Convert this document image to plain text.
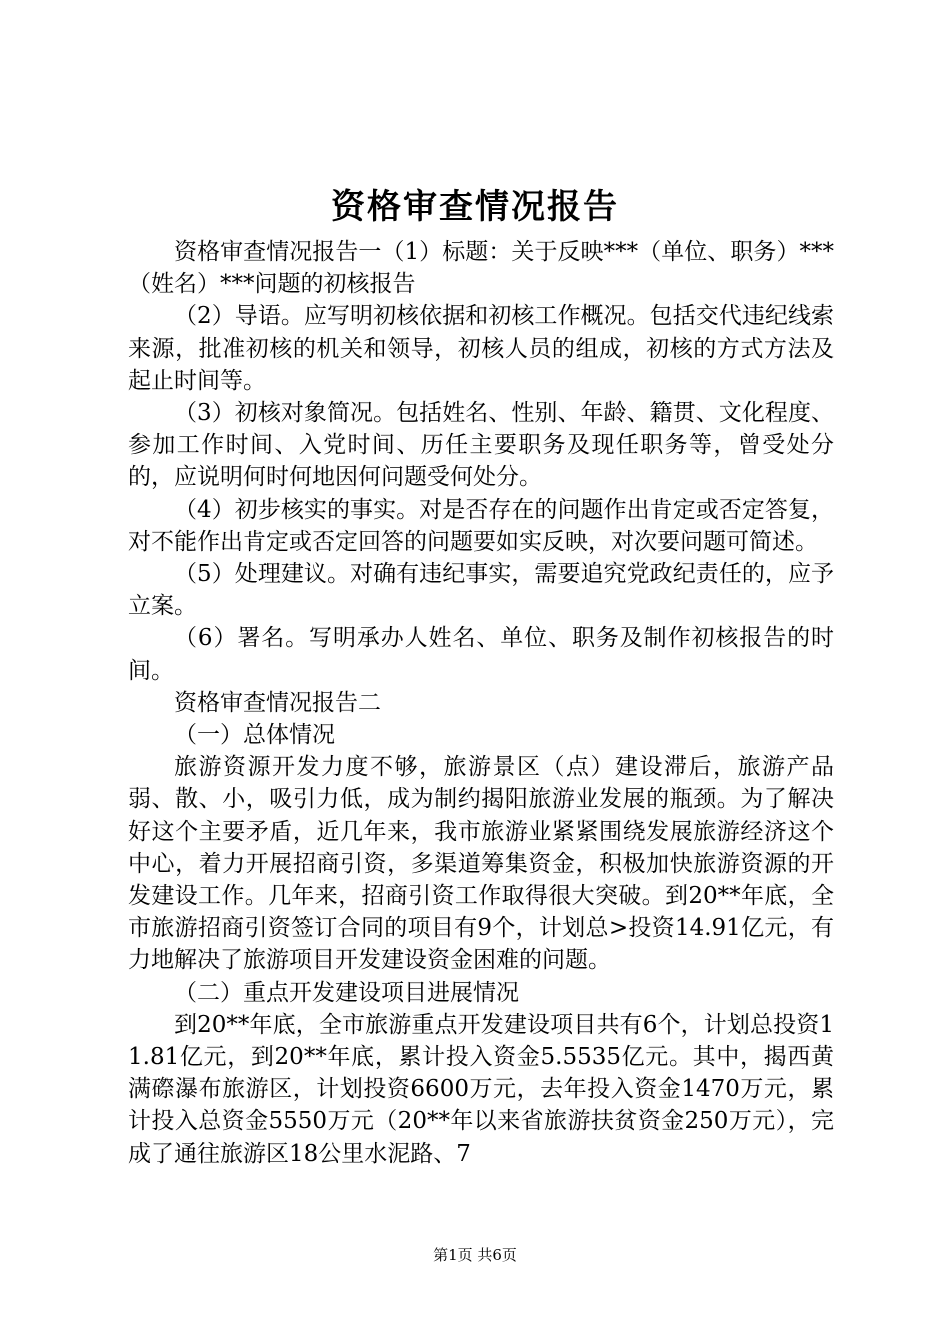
资格审查情况报告

资格审查情况报告一（1）标题：关于反映***（单位、职务）***（姓名）***问题的初核报告

（2）导语。应写明初核依据和初核工作概况。包括交代违纪线索来源，批准初核的机关和领导，初核人员的组成，初核的方式方法及起止时间等。

（3）初核对象简况。包括姓名、性别、年龄、籍贯、文化程度、参加工作时间、入党时间、历任主要职务及现任职务等，曾受处分的，应说明何时何地因何问题受何处分。

（4）初步核实的事实。对是否存在的问题作出肯定或否定答复，对不能作出肯定或否定回答的问题要如实反映，对次要问题可简述。

（5）处理建议。对确有违纪事实，需要追究党政纪责任的，应予立案。

（6）署名。写明承办人姓名、单位、职务及制作初核报告的时间。

资格审查情况报告二

（一）总体情况

旅游资源开发力度不够，旅游景区（点）建设滞后，旅游产品弱、散、小，吸引力低，成为制约揭阳旅游业发展的瓶颈。为了解决好这个主要矛盾，近几年来，我市旅游业紧紧围绕发展旅游经济这个中心，着力开展招商引资，多渠道筹集资金，积极加快旅游资源的开发建设工作。几年来，招商引资工作取得很大突破。到20**年底，全市旅游招商引资签订合同的项目有9个，计划总>投资14.91亿元，有力地解决了旅游项目开发建设资金困难的问题。

（二）重点开发建设项目进展情况

到20**年底，全市旅游重点开发建设项目共有6个，计划总投资11.81亿元，到20**年底，累计投入资金5.5535亿元。其中，揭西黄满磜瀑布旅游区，计划投资6600万元，去年投入资金1470万元，累计投入总资金5550万元（20**年以来省旅游扶贫资金250万元），完成了通往旅游区18公里水泥路、7

第1页 共6页
